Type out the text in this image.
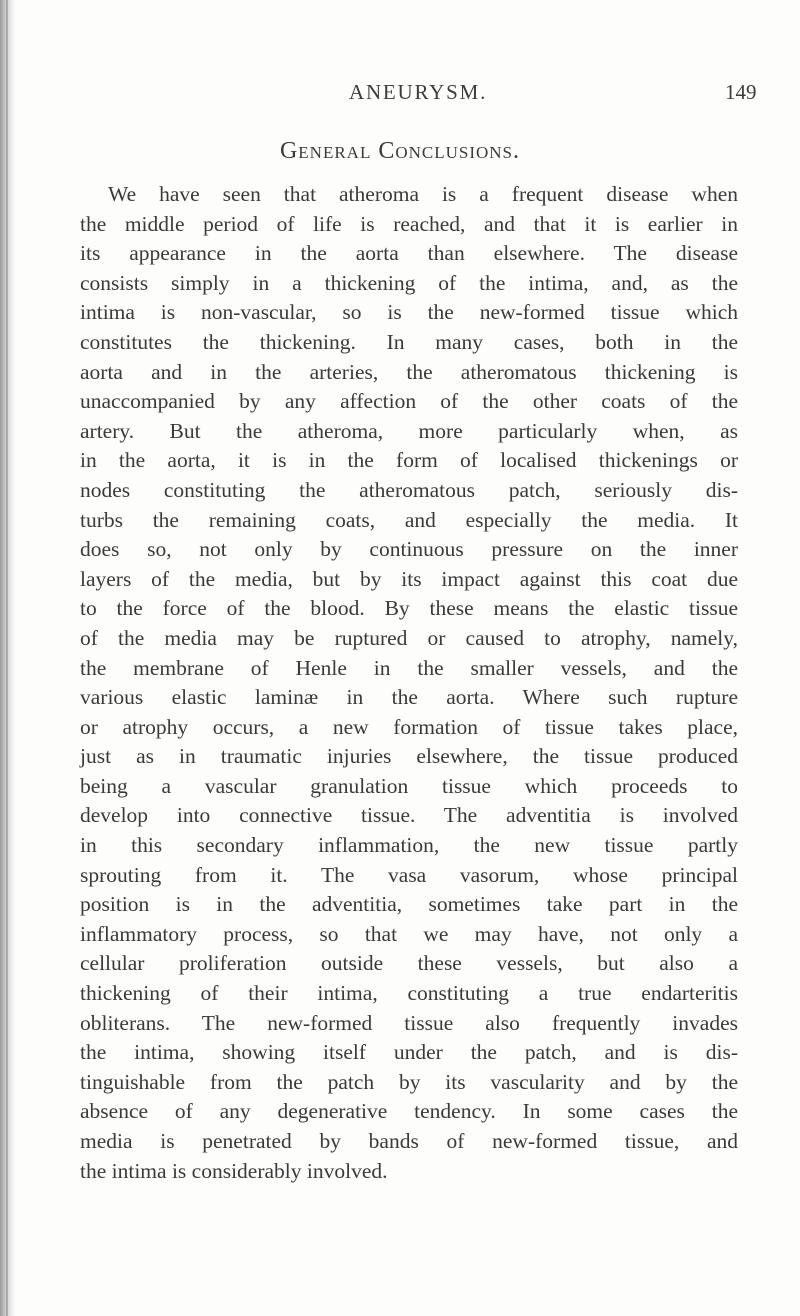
ANEURYSM.	149
General Conclusions.
We have seen that atheroma is a frequent disease when
the middle period of life is reached, and that it is earlier in
its appearance in the aorta than elsewhere. The disease
consists simply in a thickening of the intima, and, as the
intima is non-vascular, so is the new-formed tissue which
constitutes the thickening. In many cases, both in the
aorta and in the arteries, the atheromatous thickening is
unaccompanied by any affection of the other coats of the
artery. But the atheroma, more particularly when, as
in the aorta, it is in the form of localised thickenings or
nodes constituting the atheromatous patch, seriously dis-
turbs the remaining coats, and especially the media. It
does so, not only by continuous pressure on the inner
layers of the media, but by its impact against this coat due
to the force of the blood. By these means the elastic tissue
of the media may be ruptured or caused to atrophy, namely,
the membrane of Henle in the smaller vessels, and the
various elastic laminæ in the aorta. Where such rupture
or atrophy occurs, a new formation of tissue takes place,
just as in traumatic injuries elsewhere, the tissue produced
being a vascular granulation tissue which proceeds to
develop into connective tissue. The adventitia is involved
in this secondary inflammation, the new tissue partly
sprouting from it. The vasa vasorum, whose principal
position is in the adventitia, sometimes take part in the
inflammatory process, so that we may have, not only a
cellular proliferation outside these vessels, but also a
thickening of their intima, constituting a true endarteritis
obliterans. The new-formed tissue also frequently invades
the intima, showing itself under the patch, and is dis-
tinguishable from the patch by its vascularity and by the
absence of any degenerative tendency. In some cases the
media is penetrated by bands of new-formed tissue, and
the intima is considerably involved.
